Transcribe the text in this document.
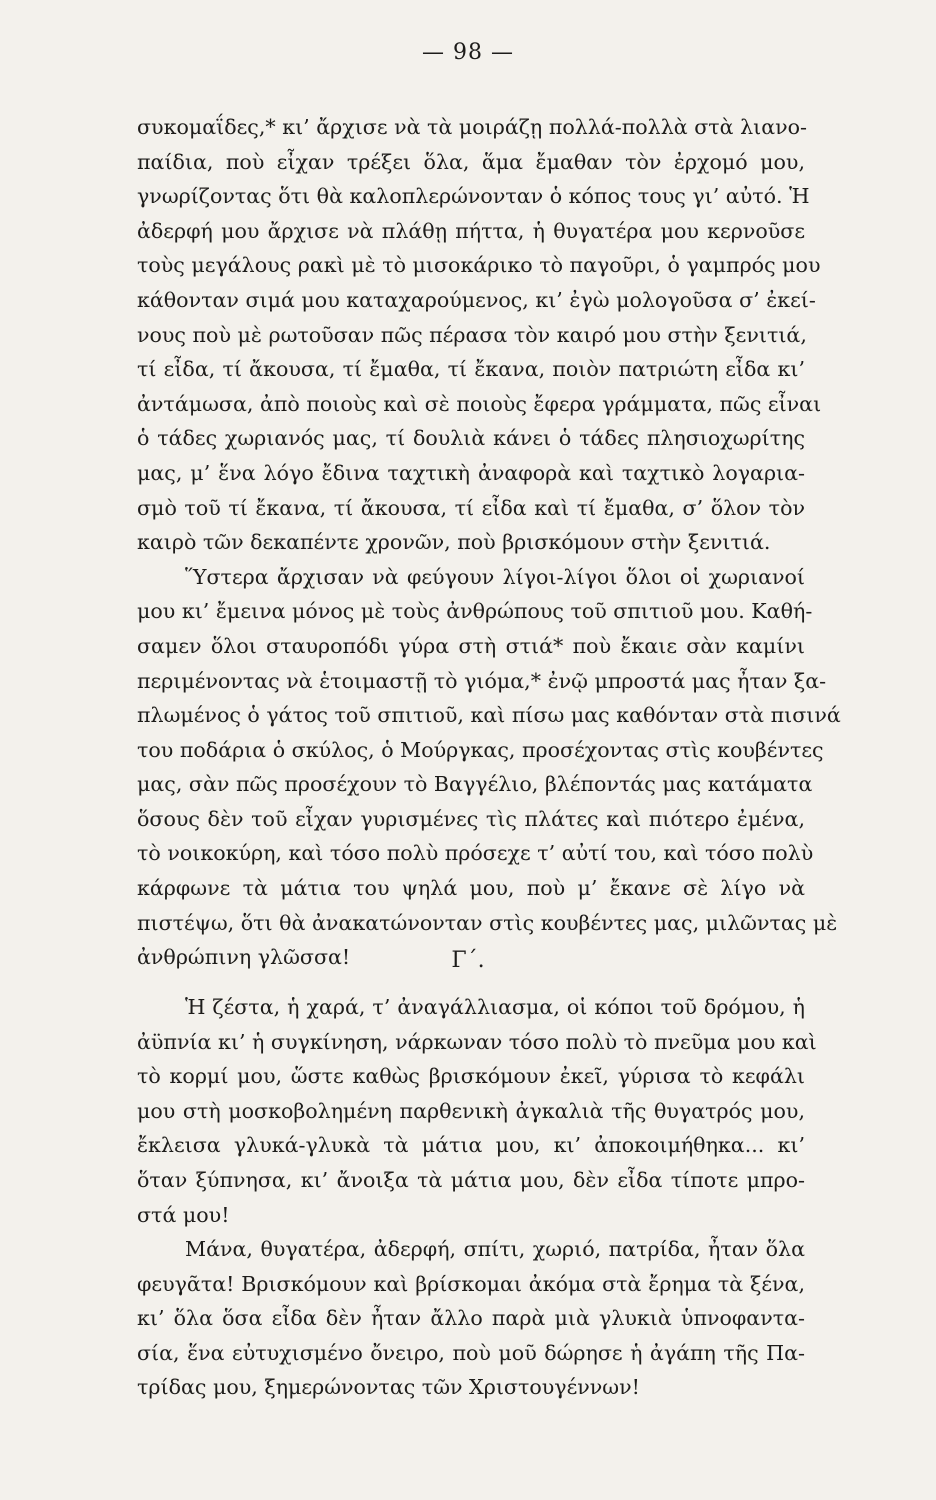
— 98 —
συκομαΐδες,* κι’ ἄρχισε νὰ τὰ μοιράζῃ πολλά-πολλὰ στὰ λιανο-
παίδια, ποὺ εἶχαν τρέξει ὅλα, ἅμα ἔμαθαν τὸν ἐρχομό μου,
γνωρίζοντας ὅτι θὰ καλοπλερώνονταν ὁ κόπος τους γι’ αὐτό. Ἡ
ἀδερφή μου ἄρχισε νὰ πλάθῃ πήττα, ἡ θυγατέρα μου κερνοῦσε
τοὺς μεγάλους ρακὶ μὲ τὸ μισοκάρικο τὸ παγοῦρι, ὁ γαμπρός μου
κάθονταν σιμά μου καταχαρούμενος, κι’ ἐγὼ μολογοῦσα σ’ ἐκεί-
νους ποὺ μὲ ρωτοῦσαν πῶς πέρασα τὸν καιρό μου στὴν ξενιτιά,
τί εἶδα, τί ἄκουσα, τί ἔμαθα, τί ἔκανα, ποιὸν πατριώτη εἶδα κι’
ἀντάμωσα, ἀπὸ ποιοὺς καὶ σὲ ποιοὺς ἔφερα γράμματα, πῶς εἶναι
ὁ τάδες χωριανός μας, τί δουλιὰ κάνει ὁ τάδες πλησιοχωρίτης
μας, μ’ ἕνα λόγο ἔδινα ταχτικὴ ἀναφορὰ καὶ ταχτικὸ λογαρια-
σμὸ τοῦ τί ἔκανα, τί ἄκουσα, τί εἶδα καὶ τί ἔμαθα, σ’ ὅλον τὸν
καιρὸ τῶν δεκαπέντε χρονῶν, ποὺ βρισκόμουν στὴν ξενιτιά.
Ὕστερα ἄρχισαν νὰ φεύγουν λίγοι-λίγοι ὅλοι οἱ χωριανοί
μου κι’ ἔμεινα μόνος μὲ τοὺς ἀνθρώπους τοῦ σπιτιοῦ μου. Καθή-
σαμεν ὅλοι σταυροπόδι γύρα στὴ στιά* ποὺ ἔκαιε σὰν καμίνι
περιμένοντας νὰ ἑτοιμαστῇ τὸ γιόμα,* ἐνῷ μπροστά μας ἦταν ξα-
πλωμένος ὁ γάτος τοῦ σπιτιοῦ, καὶ πίσω μας καθόνταν στὰ πισινά
του ποδάρια ὁ σκύλος, ὁ Μούργκας, προσέχοντας στὶς κουβέντες
μας, σὰν πῶς προσέχουν τὸ Βαγγέλιο, βλέποντάς μας κατάματα
ὅσους δὲν τοῦ εἶχαν γυρισμένες τὶς πλάτες καὶ πιότερο ἐμένα,
τὸ νοικοκύρη, καὶ τόσο πολὺ πρόσεχε τ’ αὐτί του, καὶ τόσο πολὺ
κάρφωνε τὰ μάτια του ψηλά μου, ποὺ μ’ ἔκανε σὲ λίγο νὰ
πιστέψω, ὅτι θὰ ἀνακατώνονταν στὶς κουβέντες μας, μιλῶντας μὲ
ἀνθρώπινη γλῶσσα!	Γ΄.
Ἡ ζέστα, ἡ χαρά, τ’ ἀναγάλλιασμα, οἱ κόποι τοῦ δρόμου, ἡ
ἀϋπνία κι’ ἡ συγκίνηση, νάρκωναν τόσο πολὺ τὸ πνεῦμα μου καὶ
τὸ κορμί μου, ὥστε καθὼς βρισκόμουν ἐκεῖ, γύρισα τὸ κεφάλι
μου στὴ μοσκοβολημένη παρθενικὴ ἀγκαλιὰ τῆς θυγατρός μου,
ἔκλεισα γλυκά-γλυκὰ τὰ μάτια μου, κι’ ἀποκοιμήθηκα... κι’
ὅταν ξύπνησα, κι’ ἄνοιξα τὰ μάτια μου, δὲν εἶδα τίποτε μπρο-
στά μου!
Μάνα, θυγατέρα, ἀδερφή, σπίτι, χωριό, πατρίδα, ἦταν ὅλα
φευγᾶτα! Βρισκόμουν καὶ βρίσκομαι ἀκόμα στὰ ἔρημα τὰ ξένα,
κι’ ὅλα ὅσα εἶδα δὲν ἦταν ἄλλο παρὰ μιὰ γλυκιὰ ὑπνοφαντα-
σία, ἕνα εὐτυχισμένο ὄνειρο, ποὺ μοῦ δώρησε ἡ ἀγάπη τῆς Πα-
τρίδας μου, ξημερώνοντας τῶν Χριστουγέννων!
